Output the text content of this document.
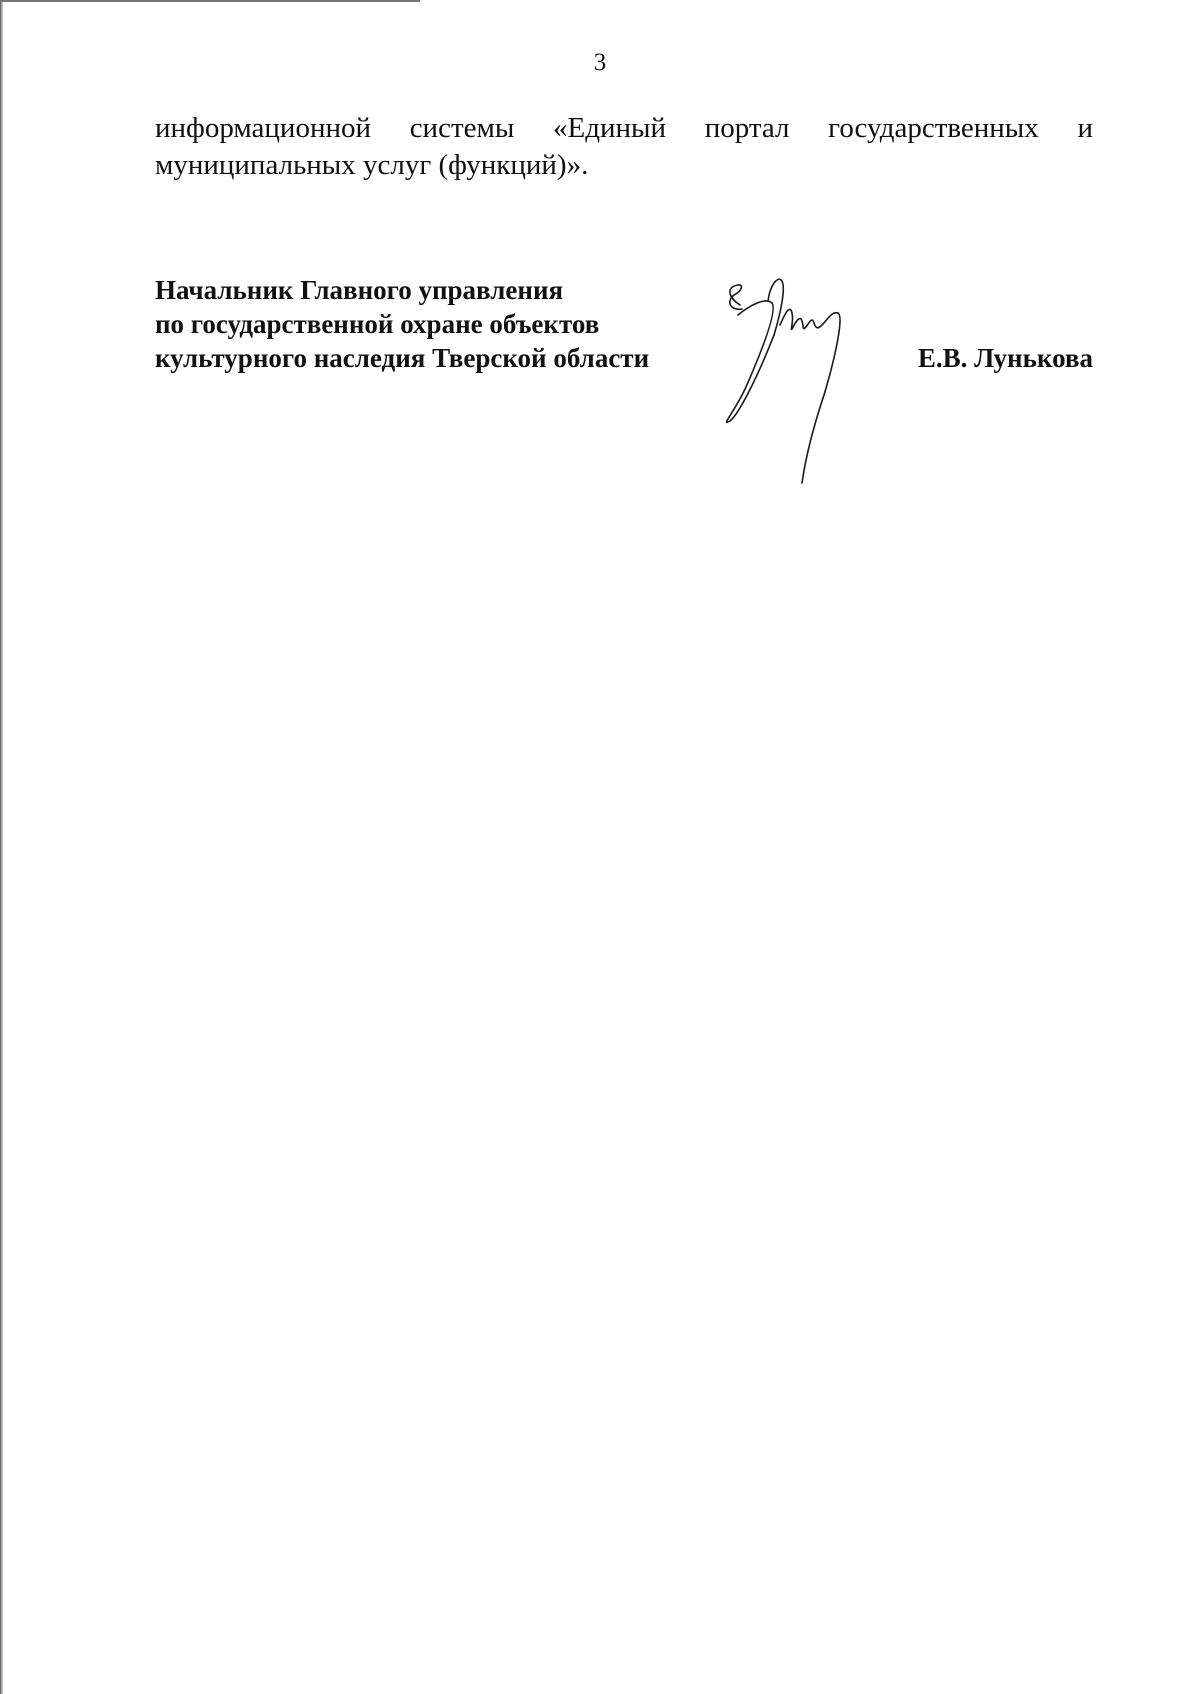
3
информационной системы «Единый портал государственных и
муниципальных услуг (функций)».
Начальник Главного управления
по государственной охране объектов
культурного наследия Тверской области	Е.В. Лунькова
